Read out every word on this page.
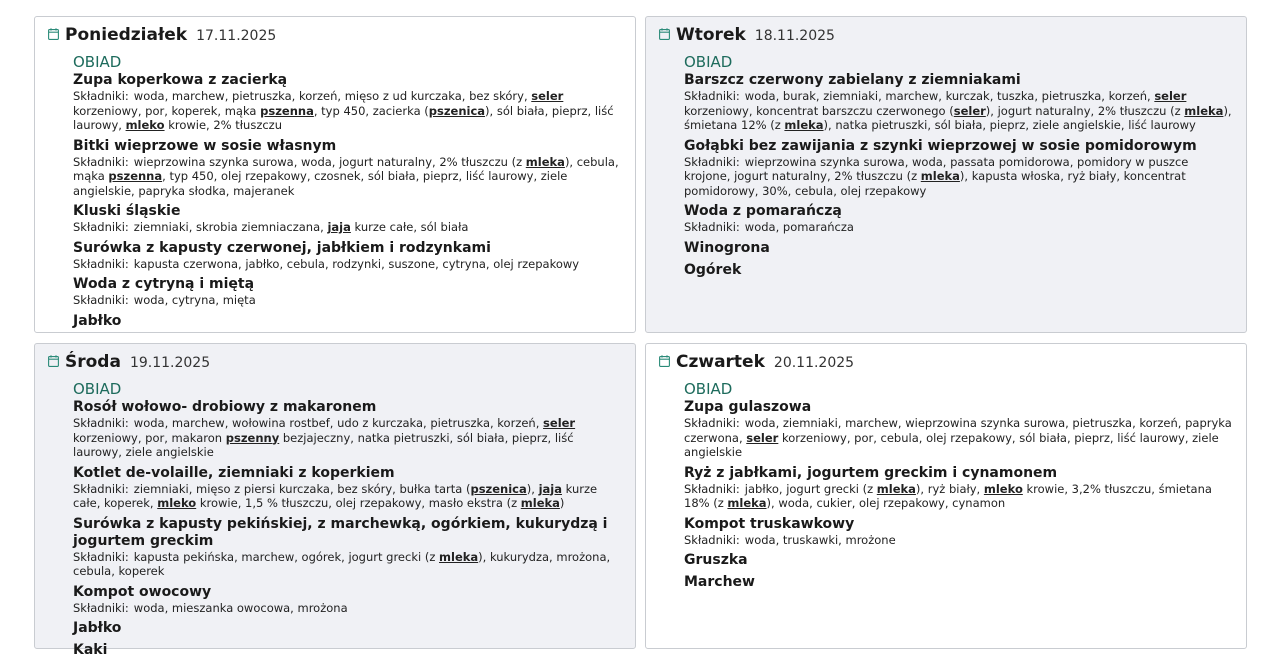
Poniedziałek 17.11.2025
OBIAD
Zupa koperkowa z zacierką
Składniki: woda, marchew, pietruszka, korzeń, mięso z ud kurczaka, bez skóry, seler korzeniowy, por, koperek, mąka pszenna, typ 450, zacierka (pszenica), sól biała, pieprz, liść laurowy, mleko krowie, 2% tłuszczu
Bitki wieprzowe w sosie własnym
Składniki: wieprzowina szynka surowa, woda, jogurt naturalny, 2% tłuszczu (z mleka), cebula, mąka pszenna, typ 450, olej rzepakowy, czosnek, sól biała, pieprz, liść laurowy, ziele angielskie, papryka słodka, majeranek
Kluski śląskie
Składniki: ziemniaki, skrobia ziemniaczana, jaja kurze całe, sól biała
Surówka z kapusty czerwonej, jabłkiem i rodzynkami
Składniki: kapusta czerwona, jabłko, cebula, rodzynki, suszone, cytryna, olej rzepakowy
Woda z cytryną i miętą
Składniki: woda, cytryna, mięta
Jabłko
Wtorek 18.11.2025
OBIAD
Barszcz czerwony zabielany z ziemniakami
Składniki: woda, burak, ziemniaki, marchew, kurczak, tuszka, pietruszka, korzeń, seler korzeniowy, koncentrat barszczu czerwonego (seler), jogurt naturalny, 2% tłuszczu (z mleka), śmietana 12% (z mleka), natka pietruszki, sól biała, pieprz, ziele angielskie, liść laurowy
Gołąbki bez zawijania z szynki wieprzowej w sosie pomidorowym
Składniki: wieprzowina szynka surowa, woda, passata pomidorowa, pomidory w puszce krojone, jogurt naturalny, 2% tłuszczu (z mleka), kapusta włoska, ryż biały, koncentrat pomidorowy, 30%, cebula, olej rzepakowy
Woda z pomarańczą
Składniki: woda, pomarańcza
Winogrona
Ogórek
Środa 19.11.2025
OBIAD
Rosół wołowo- drobiowy z makaronem
Składniki: woda, marchew, wołowina rostbef, udo z kurczaka, pietruszka, korzeń, seler korzeniowy, por, makaron pszenny bezjajeczny, natka pietruszki, sól biała, pieprz, liść laurowy, ziele angielskie
Kotlet de-volaille, ziemniaki z koperkiem
Składniki: ziemniaki, mięso z piersi kurczaka, bez skóry, bułka tarta (pszenica), jaja kurze całe, koperek, mleko krowie, 1,5 % tłuszczu, olej rzepakowy, masło ekstra (z mleka)
Surówka z kapusty pekińskiej, z marchewką, ogórkiem, kukurydzą i jogurtem greckim
Składniki: kapusta pekińska, marchew, ogórek, jogurt grecki (z mleka), kukurydza, mrożona, cebula, koperek
Kompot owocowy
Składniki: woda, mieszanka owocowa, mrożona
Jabłko
Kaki
Czwartek 20.11.2025
OBIAD
Zupa gulaszowa
Składniki: woda, ziemniaki, marchew, wieprzowina szynka surowa, pietruszka, korzeń, papryka czerwona, seler korzeniowy, por, cebula, olej rzepakowy, sól biała, pieprz, liść laurowy, ziele angielskie
Ryż z jabłkami, jogurtem greckim i cynamonem
Składniki: jabłko, jogurt grecki (z mleka), ryż biały, mleko krowie, 3,2% tłuszczu, śmietana 18% (z mleka), woda, cukier, olej rzepakowy, cynamon
Kompot truskawkowy
Składniki: woda, truskawki, mrożone
Gruszka
Marchew
